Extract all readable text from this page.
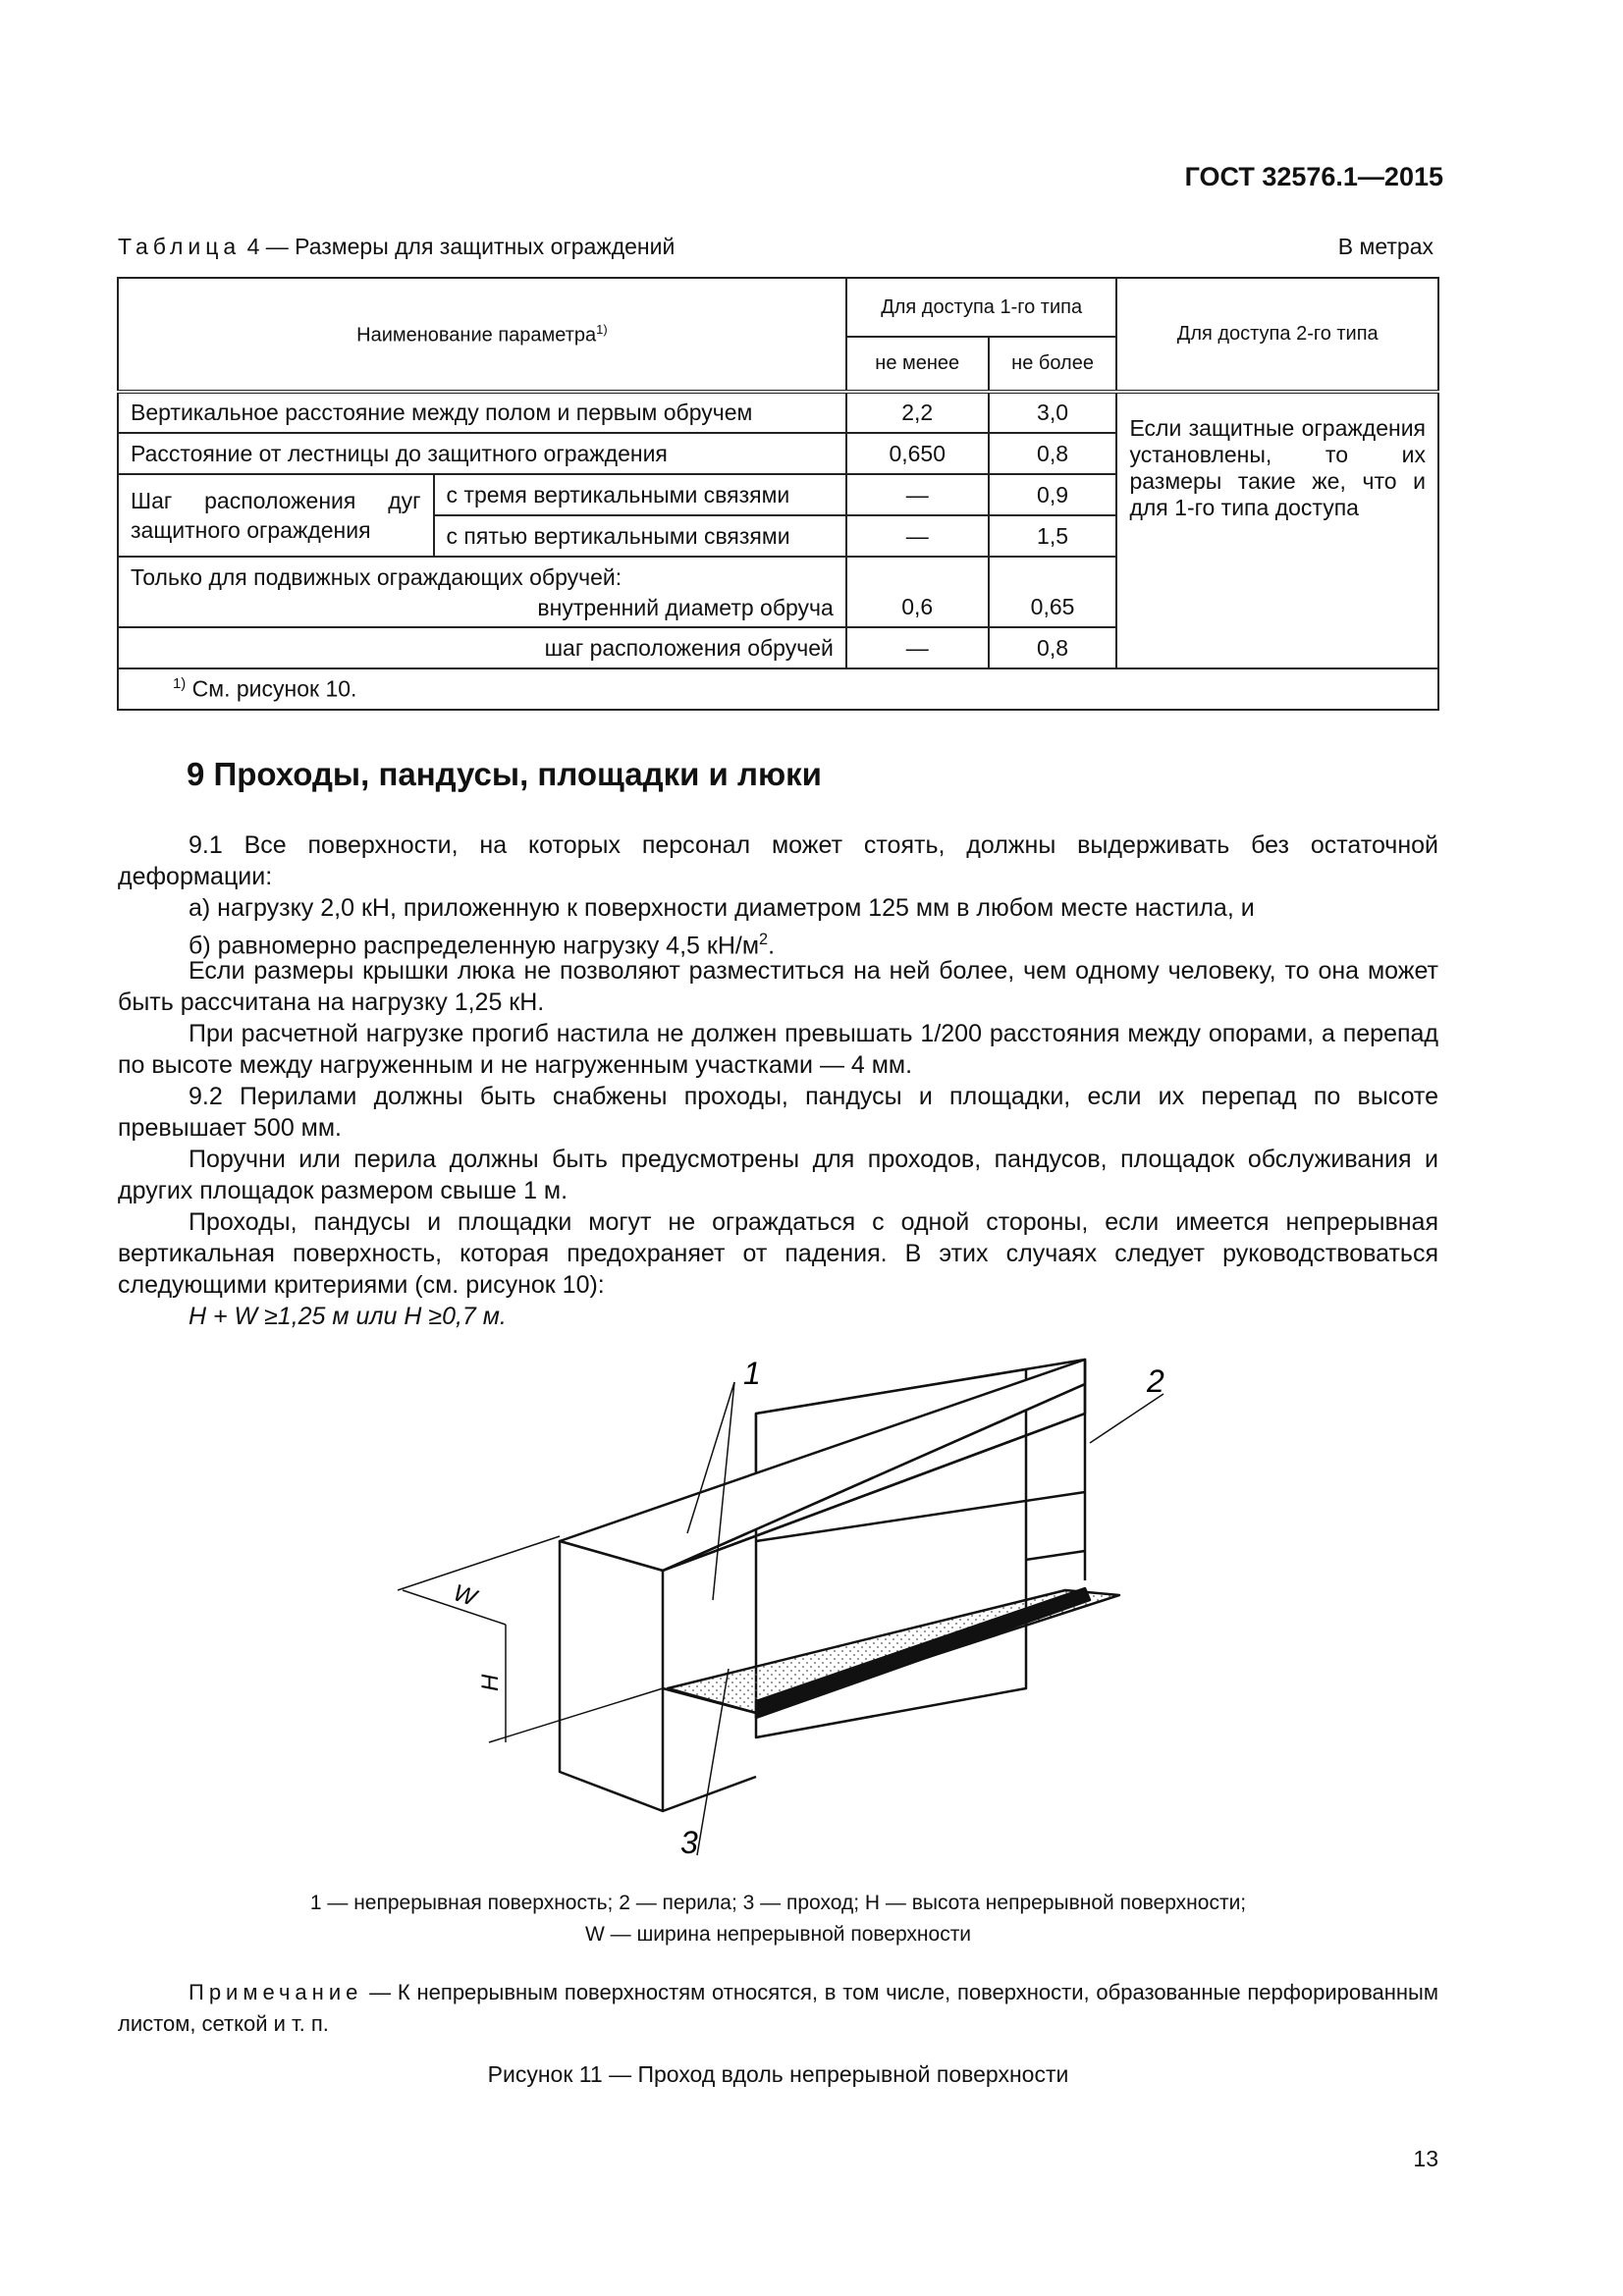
ГОСТ 32576.1—2015
Таблица 4 — Размеры для защитных ограждений	В метрах
Наименование параметра$^{1)}$		Для доступа 1-го типа		Для доступа 2-го типа
		не менее	не более	
Вертикальное расстояние между полом и первым обручем		2,2	3,0	Если защитные ограждения установлены, то их размеры такие же, что и для 1-го типа доступа
Расстояние от лестницы до защитного ограждения		0,650	0,8	
Шаг расположения дуг защитного ограждения	с тремя вертикальными связями	—	0,9	
	с пятью вертикальными связями	—	1,5	

Только для подвижных ограждающих обручей:
внутренний диаметр обруча		0,6	0,65	
шаг расположения обручей		—	0,8	
$^{1)}$ См. рисунок 10.				
9 Проходы, пандусы, площадки и люки
9.1 Все поверхности, на которых персонал может стоять, должны выдерживать без остаточной деформации:
а) нагрузку 2,0 кН, приложенную к поверхности диаметром 125 мм в любом месте настила, и
б) равномерно распределенную нагрузку 4,5 $кН/м^2$.
Если размеры крышки люка не позволяют разместиться на ней более, чем одному человеку, то она может быть рассчитана на нагрузку 1,25 кН.
При расчетной нагрузке прогиб настила не должен превышать 1/200 расстояния между опорами, а перепад по высоте между нагруженным и не нагруженным участками — 4 мм.
9.2 Перилами должны быть снабжены проходы, пандусы и площадки, если их перепад по высоте превышает 500 мм.
Поручни или перила должны быть предусмотрены для проходов, пандусов, площадок обслуживания и других площадок размером свыше 1 м.
Проходы, пандусы и площадки могут не ограждаться с одной стороны, если имеется непрерывная вертикальная поверхность, которая предохраняет от падения. В этих случаях следует руководствоваться следующими критериями (см. рисунок 10):
H + W ≥1,25 м или H ≥0,7 м.
1	2
3
W
H
1 — непрерывная поверхность; 2 — перила; 3 — проход; H — высота непрерывной поверхности;
W — ширина непрерывной поверхности
Примечание — К непрерывным поверхностям относятся, в том числе, поверхности, образованные перфорированным листом, сеткой и т. п.
Рисунок 11 — Проход вдоль непрерывной поверхности
13
